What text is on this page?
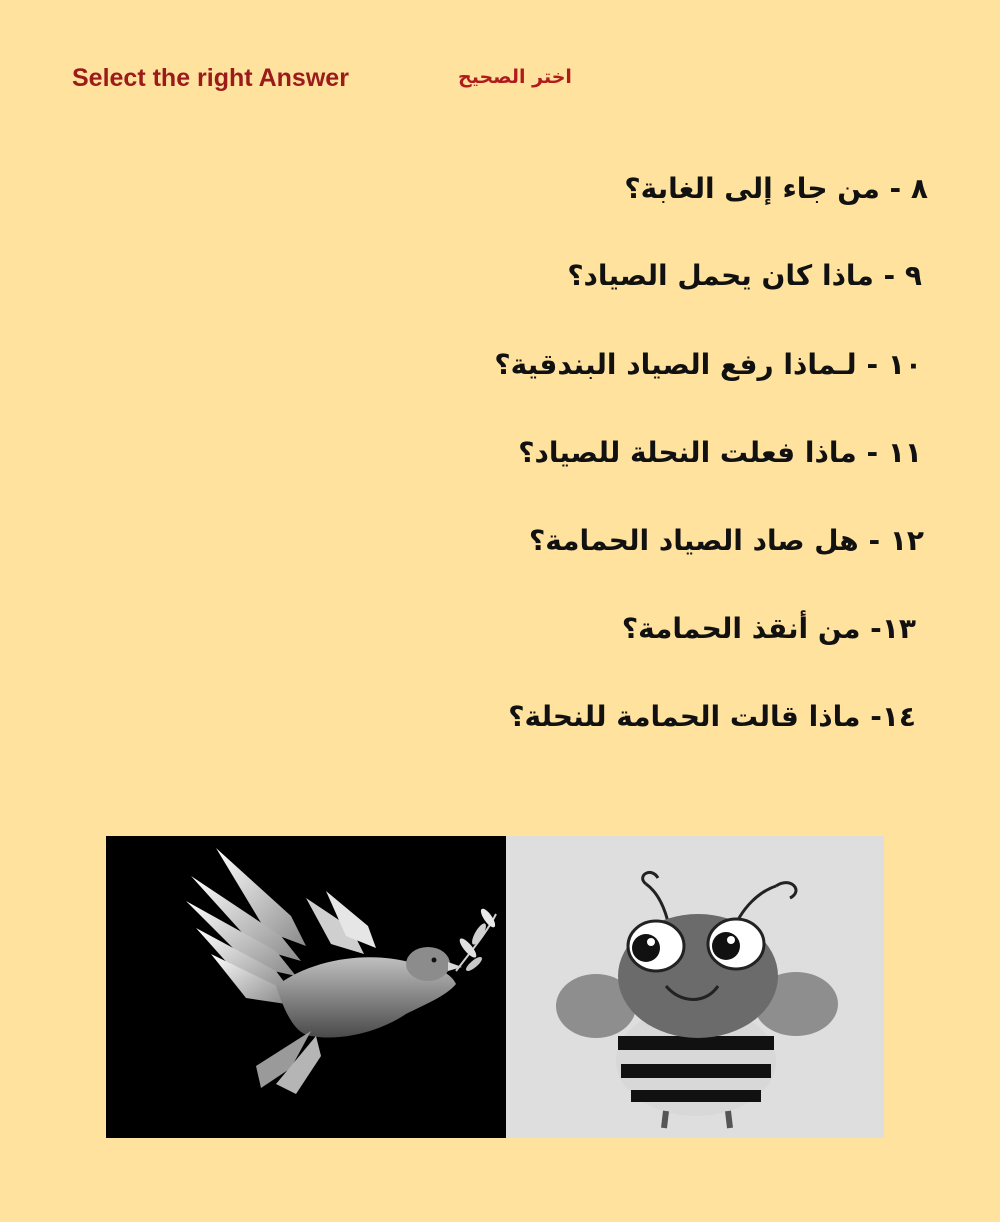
Select the right Answer	اختر الصحيح
٨ - من جاء إلى الغابة؟
٩ - ماذا كان يحمل الصياد؟
١٠ - لـماذا رفع الصياد البندقية؟
١١ - ماذا فعلت النحلة للصياد؟
١٢ - هل صاد الصياد الحمامة؟
١٣- من أنقذ الحمامة؟
١٤- ماذا قالت الحمامة للنحلة؟
